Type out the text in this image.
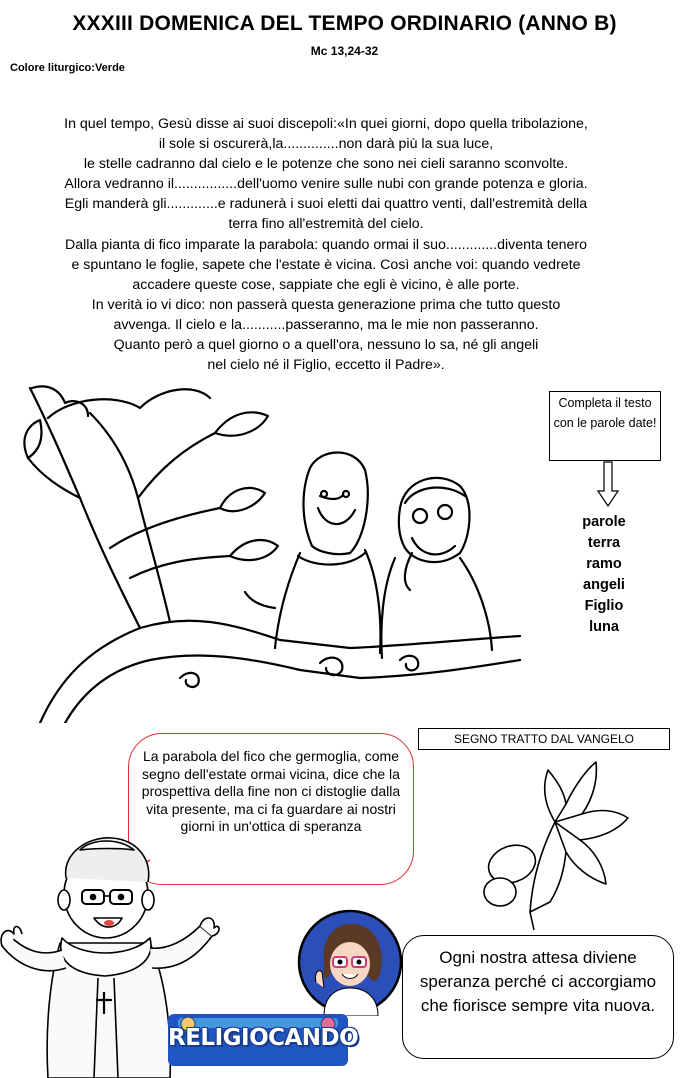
XXXIII DOMENICA DEL TEMPO ORDINARIO (ANNO B)
Mc 13,24-32
Colore liturgico:Verde
In quel tempo, Gesù disse ai suoi discepoli:«In quei giorni, dopo quella tribolazione,
il sole si oscurerà,la..............non darà più la sua luce,
le stelle cadranno dal cielo e le potenze che sono nei cieli saranno sconvolte.
Allora vedranno il................dell'uomo venire sulle nubi con grande potenza e gloria.
Egli manderà gli.............e radunerà i suoi eletti dai quattro venti, dall'estremità della
terra fino all'estremità del cielo.
Dalla pianta di fico imparate la parabola: quando ormai il suo.............diventa tenero
e spuntano le foglie, sapete che l'estate è vicina. Così anche voi: quando vedrete
accadere queste cose, sappiate che egli è vicino, è alle porte.
In verità io vi dico: non passerà questa generazione prima che tutto questo
avvenga. Il cielo e la...........passeranno, ma le mie non passeranno.
Quanto però a quel giorno o a quell'ora, nessuno lo sa, né gli angeli
nel cielo né il Figlio, eccetto il Padre».
Completa il testo con le parole date!
parole
terra
ramo
angeli
Figlio
luna
SEGNO TRATTO DAL VANGELO
La parabola del fico che germoglia, come segno dell'estate ormai vicina, dice che la prospettiva della fine non ci distoglie dalla vita presente, ma ci fa guardare ai nostri giorni in un'ottica di speranza
RELIGIOCANDO
Ogni nostra attesa diviene speranza perché ci accorgiamo che fiorisce sempre vita nuova.
